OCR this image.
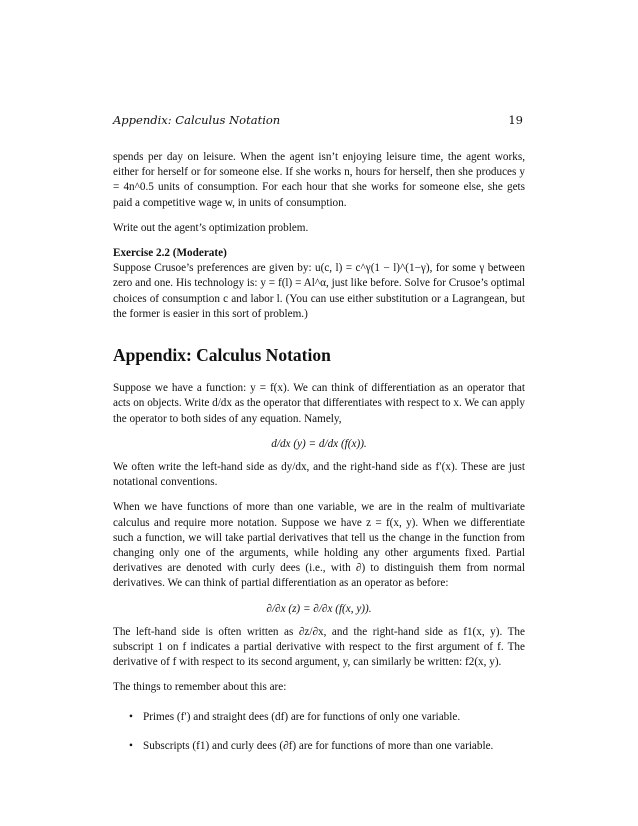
Appendix: Calculus Notation	19

spends per day on leisure. When the agent isn’t enjoying leisure time, the agent works, either for herself or for someone else. If she works n, hours for herself, then she produces y = 4n^0.5 units of consumption. For each hour that she works for someone else, she gets paid a competitive wage w, in units of consumption.

Write out the agent’s optimization problem.

Exercise 2.2 (Moderate)

Suppose Crusoe’s preferences are given by: u(c, l) = c^γ(1 − l)^(1−γ), for some γ between zero and one. His technology is: y = f(l) = Al^α, just like before. Solve for Crusoe’s optimal choices of consumption c and labor l. (You can use either substitution or a Lagrangean, but the former is easier in this sort of problem.)

Appendix: Calculus Notation

Suppose we have a function: y = f(x). We can think of differentiation as an operator that acts on objects. Write d/dx as the operator that differentiates with respect to x. We can apply the operator to both sides of any equation. Namely,

d/dx (y) = d/dx (f(x)).

We often write the left-hand side as dy/dx, and the right-hand side as f′(x). These are just notational conventions.

When we have functions of more than one variable, we are in the realm of multivariate calculus and require more notation. Suppose we have z = f(x, y). When we differentiate such a function, we will take partial derivatives that tell us the change in the function from changing only one of the arguments, while holding any other arguments fixed. Partial derivatives are denoted with curly dees (i.e., with ∂) to distinguish them from normal derivatives. We can think of partial differentiation as an operator as before:

∂/∂x (z) = ∂/∂x (f(x, y)).

The left-hand side is often written as ∂z/∂x, and the right-hand side as f1(x, y). The subscript 1 on f indicates a partial derivative with respect to the first argument of f. The derivative of f with respect to its second argument, y, can similarly be written: f2(x, y).

The things to remember about this are:

• Primes (f′) and straight dees (df) are for functions of only one variable.
• Subscripts (f1) and curly dees (∂f) are for functions of more than one variable.
